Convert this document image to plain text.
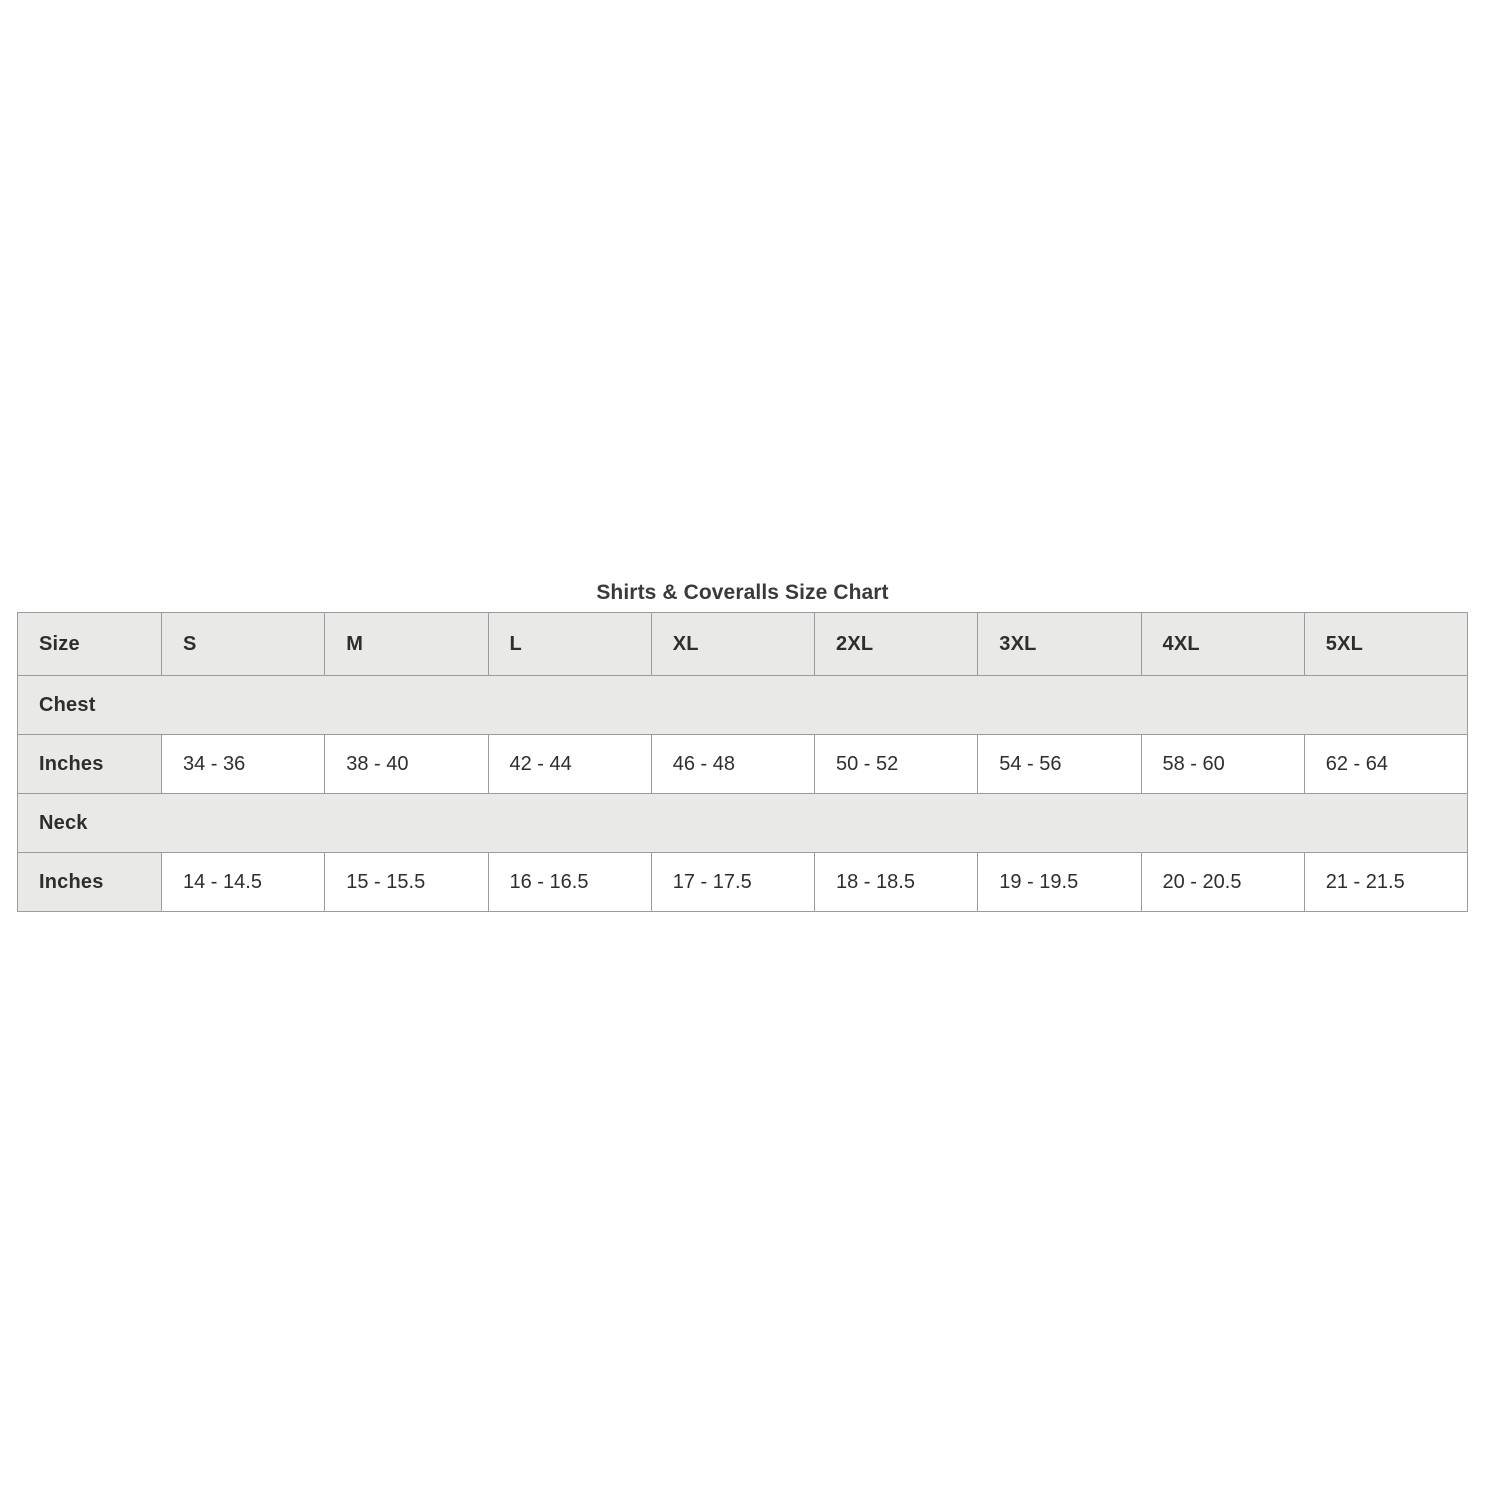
Shirts & Coveralls Size Chart
Size	S	M	L	XL	2XL	3XL	4XL	5XL
Chest								
Inches	34 - 36	38 - 40	42 - 44	46 - 48	50 - 52	54 - 56	58 - 60	62 - 64
Neck								
Inches	14 - 14.5	15 - 15.5	16 - 16.5	17 - 17.5	18 - 18.5	19 - 19.5	20 - 20.5	21 - 21.5
